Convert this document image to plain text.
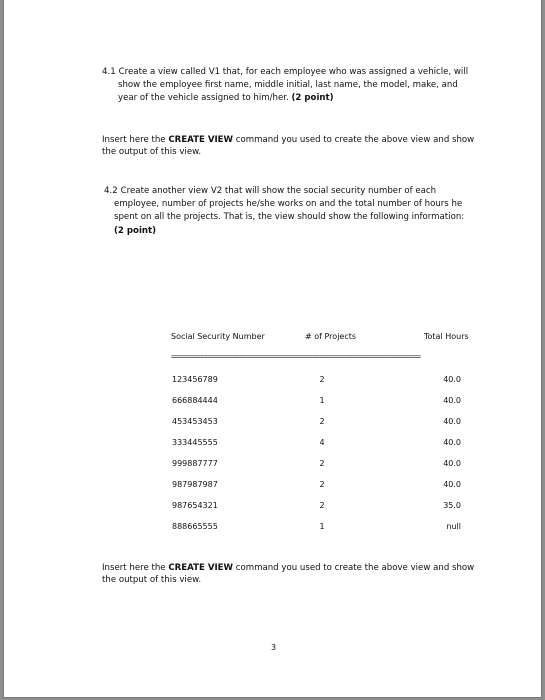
4.1 Create a view called V1 that, for each employee who was assigned a vehicle, will
show the employee first name, middle initial, last name, the model, make, and
year of the vehicle assigned to him/her. (2 point)
Insert here the CREATE VIEW command you used to create the above view and show
the output of this view.
4.2 Create another view V2 that will show the social security number of each
employee, number of projects he/she works on and the total number of hours he
spent on all the projects. That is, the view should show the following information:
(2 point)
Social Security Number	# of Projects	Total Hours
=====================================================================
123456789	2	40.0
666884444	1	40.0
453453453	2	40.0
333445555	4	40.0
999887777	2	40.0
987987987	2	40.0
987654321	2	35.0
888665555	1	null
Insert here the CREATE VIEW command you used to create the above view and show
the output of this view.
3
